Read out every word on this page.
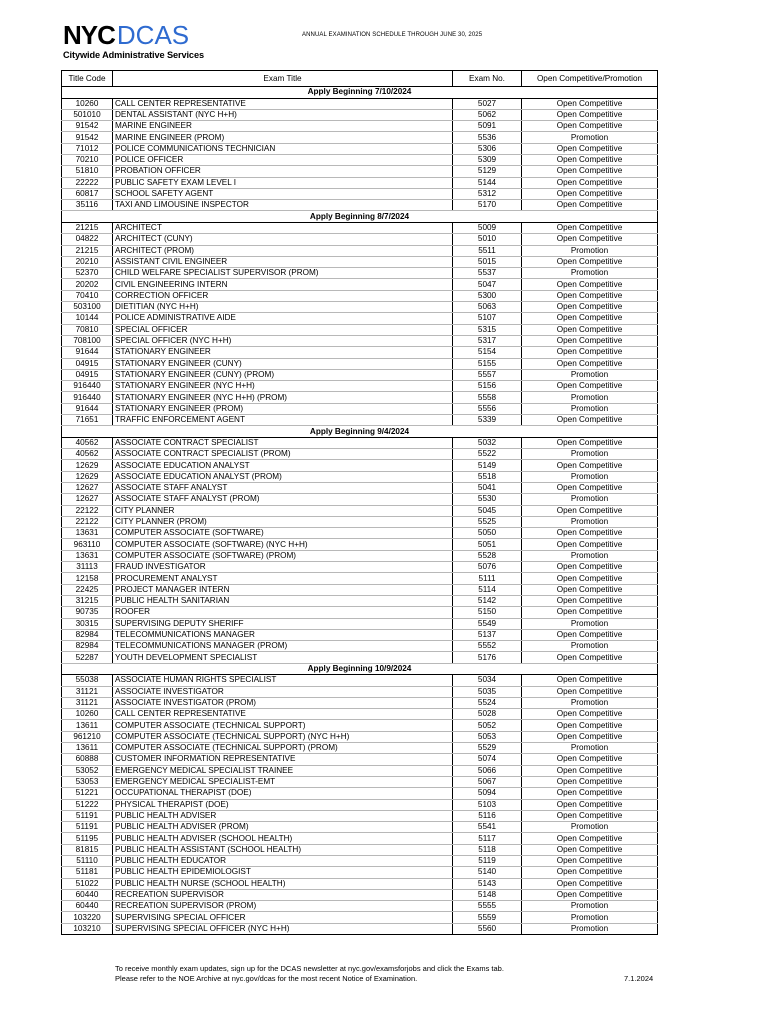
NYCDCAS
Citywide Administrative Services
ANNUAL EXAMINATION SCHEDULE THROUGH JUNE 30, 2025
Title Code	Exam Title	Exam No.	Open Competitive/Promotion
Apply Beginning 7/10/2024			
10260	CALL CENTER REPRESENTATIVE	5027	Open Competitive
501010	DENTAL ASSISTANT (NYC H+H)	5062	Open Competitive
91542	MARINE ENGINEER	5091	Open Competitive
91542	MARINE ENGINEER (PROM)	5536	Promotion
71012	POLICE COMMUNICATIONS TECHNICIAN	5306	Open Competitive
70210	POLICE OFFICER	5309	Open Competitive
51810	PROBATION OFFICER	5129	Open Competitive
22222	PUBLIC SAFETY EXAM LEVEL I	5144	Open Competitive
60817	SCHOOL SAFETY AGENT	5312	Open Competitive
35116	TAXI AND LIMOUSINE INSPECTOR	5170	Open Competitive
Apply Beginning 8/7/2024			
21215	ARCHITECT	5009	Open Competitive
04822	ARCHITECT (CUNY)	5010	Open Competitive
21215	ARCHITECT (PROM)	5511	Promotion
20210	ASSISTANT CIVIL ENGINEER	5015	Open Competitive
52370	CHILD WELFARE SPECIALIST SUPERVISOR (PROM)	5537	Promotion
20202	CIVIL ENGINEERING INTERN	5047	Open Competitive
70410	CORRECTION OFFICER	5300	Open Competitive
503100	DIETITIAN (NYC H+H)	5063	Open Competitive
10144	POLICE ADMINISTRATIVE AIDE	5107	Open Competitive
70810	SPECIAL OFFICER	5315	Open Competitive
708100	SPECIAL OFFICER (NYC H+H)	5317	Open Competitive
91644	STATIONARY ENGINEER	5154	Open Competitive
04915	STATIONARY ENGINEER (CUNY)	5155	Open Competitive
04915	STATIONARY ENGINEER (CUNY) (PROM)	5557	Promotion
916440	STATIONARY ENGINEER (NYC H+H)	5156	Open Competitive
916440	STATIONARY ENGINEER (NYC H+H) (PROM)	5558	Promotion
91644	STATIONARY ENGINEER (PROM)	5556	Promotion
71651	TRAFFIC ENFORCEMENT AGENT	5339	Open Competitive
Apply Beginning 9/4/2024			
40562	ASSOCIATE CONTRACT SPECIALIST	5032	Open Competitive
40562	ASSOCIATE CONTRACT SPECIALIST (PROM)	5522	Promotion
12629	ASSOCIATE EDUCATION ANALYST	5149	Open Competitive
12629	ASSOCIATE EDUCATION ANALYST (PROM)	5518	Promotion
12627	ASSOCIATE STAFF ANALYST	5041	Open Competitive
12627	ASSOCIATE STAFF ANALYST (PROM)	5530	Promotion
22122	CITY PLANNER	5045	Open Competitive
22122	CITY PLANNER (PROM)	5525	Promotion
13631	COMPUTER ASSOCIATE (SOFTWARE)	5050	Open Competitive
963110	COMPUTER ASSOCIATE (SOFTWARE) (NYC H+H)	5051	Open Competitive
13631	COMPUTER ASSOCIATE (SOFTWARE) (PROM)	5528	Promotion
31113	FRAUD INVESTIGATOR	5076	Open Competitive
12158	PROCUREMENT ANALYST	5111	Open Competitive
22425	PROJECT MANAGER INTERN	5114	Open Competitive
31215	PUBLIC HEALTH SANITARIAN	5142	Open Competitive
90735	ROOFER	5150	Open Competitive
30315	SUPERVISING DEPUTY SHERIFF	5549	Promotion
82984	TELECOMMUNICATIONS MANAGER	5137	Open Competitive
82984	TELECOMMUNICATIONS MANAGER (PROM)	5552	Promotion
52287	YOUTH DEVELOPMENT SPECIALIST	5176	Open Competitive
Apply Beginning 10/9/2024			
55038	ASSOCIATE HUMAN RIGHTS SPECIALIST	5034	Open Competitive
31121	ASSOCIATE INVESTIGATOR	5035	Open Competitive
31121	ASSOCIATE INVESTIGATOR (PROM)	5524	Promotion
10260	CALL CENTER REPRESENTATIVE	5028	Open Competitive
13611	COMPUTER ASSOCIATE (TECHNICAL SUPPORT)	5052	Open Competitive
961210	COMPUTER ASSOCIATE (TECHNICAL SUPPORT) (NYC H+H)	5053	Open Competitive
13611	COMPUTER ASSOCIATE (TECHNICAL SUPPORT) (PROM)	5529	Promotion
60888	CUSTOMER INFORMATION REPRESENTATIVE	5074	Open Competitive
53052	EMERGENCY MEDICAL SPECIALIST TRAINEE	5066	Open Competitive
53053	EMERGENCY MEDICAL SPECIALIST-EMT	5067	Open Competitive
51221	OCCUPATIONAL THERAPIST (DOE)	5094	Open Competitive
51222	PHYSICAL THERAPIST (DOE)	5103	Open Competitive
51191	PUBLIC HEALTH ADVISER	5116	Open Competitive
51191	PUBLIC HEALTH ADVISER (PROM)	5541	Promotion
51195	PUBLIC HEALTH ADVISER (SCHOOL HEALTH)	5117	Open Competitive
81815	PUBLIC HEALTH ASSISTANT (SCHOOL HEALTH)	5118	Open Competitive
51110	PUBLIC HEALTH EDUCATOR	5119	Open Competitive
51181	PUBLIC HEALTH EPIDEMIOLOGIST	5140	Open Competitive
51022	PUBLIC HEALTH NURSE (SCHOOL HEALTH)	5143	Open Competitive
60440	RECREATION SUPERVISOR	5148	Open Competitive
60440	RECREATION SUPERVISOR (PROM)	5555	Promotion
103220	SUPERVISING SPECIAL OFFICER	5559	Promotion
103210	SUPERVISING SPECIAL OFFICER (NYC H+H)	5560	Promotion
To receive monthly exam updates, sign up for the DCAS newsletter at nyc.gov/examsforjobs and click the Exams tab.
Please refer to the NOE Archive at nyc.gov/dcas for the most recent Notice of Examination.	7.1.2024
